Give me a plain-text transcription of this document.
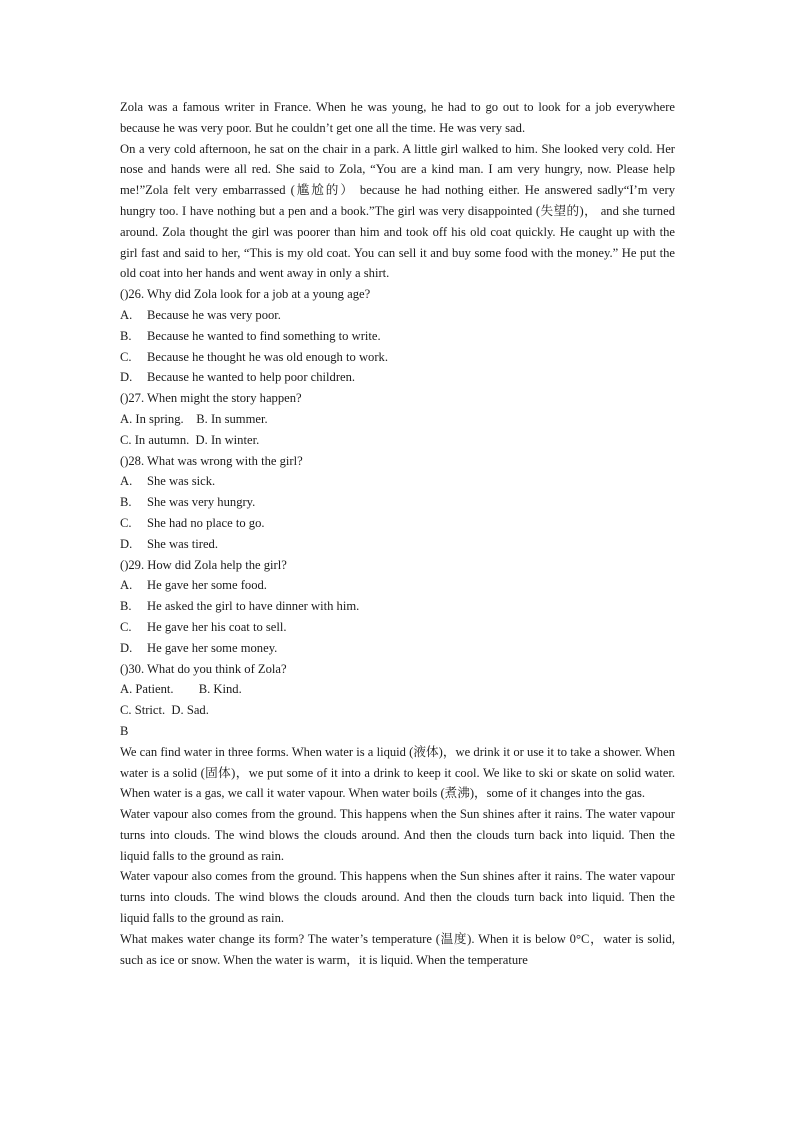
Zola was a famous writer in France. When he was young, he had to go out to look for a job everywhere because he was very poor. But he couldn’t get one all the time. He was very sad.

On a very cold afternoon, he sat on the chair in a park. A little girl walked to him. She looked very cold. Her nose and hands were all red. She said to Zola, “You are a kind man. I am very hungry, now. Please help me!”Zola felt very embarrassed (尴尬的） because he had nothing either. He answered sadly“I’m very hungry too. I have nothing but a pen and a book.”The girl was very disappointed (失望的)， and she turned around. Zola thought the girl was poorer than him and took off his old coat quickly. He caught up with the girl fast and said to her, “This is my old coat. You can sell it and buy some food with the money.” He put the old coat into her hands and went away in only a shirt.

()26. Why did Zola look for a job at a young age?

A.	Because he was very poor.
B.	Because he wanted to find something to write.
C.	Because he thought he was old enough to work.
D.	Because he wanted to help poor children.

()27. When might the story happen?

A. In spring.    B. In summer.

C. In autumn.  D. In winter.

()28. What was wrong with the girl?

A.	She was sick.
B.	She was very hungry.
C.	She had no place to go.
D.	She was tired.

()29. How did Zola help the girl?

A.	He gave her some food.
B.	He asked the girl to have dinner with him.
C.	He gave her his coat to sell.
D.	He gave her some money.

()30. What do you think of Zola?

A. Patient.        B. Kind.

C. Strict.  D. Sad.

B

We can find water in three forms. When water is a liquid (液体)，we drink it or use it to take a shower. When water is a solid (固体)，we put some of it into a drink to keep it cool. We like to ski or skate on solid water. When water is a gas, we call it water vapour. When water boils (煮沸)，some of it changes into the gas.

Water vapour also comes from the ground. This happens when the Sun shines after it rains. The water vapour turns into clouds. The wind blows the clouds around. And then the clouds turn back into liquid. Then the liquid falls to the ground as rain.

Water vapour also comes from the ground. This happens when the Sun shines after it rains. The water vapour turns into clouds. The wind blows the clouds around. And then the clouds turn back into liquid. Then the liquid falls to the ground as rain.

What makes water change its form? The water’s temperature (温度). When it is below 0°C，water is solid, such as ice or snow. When the water is warm，it is liquid. When the temperature
